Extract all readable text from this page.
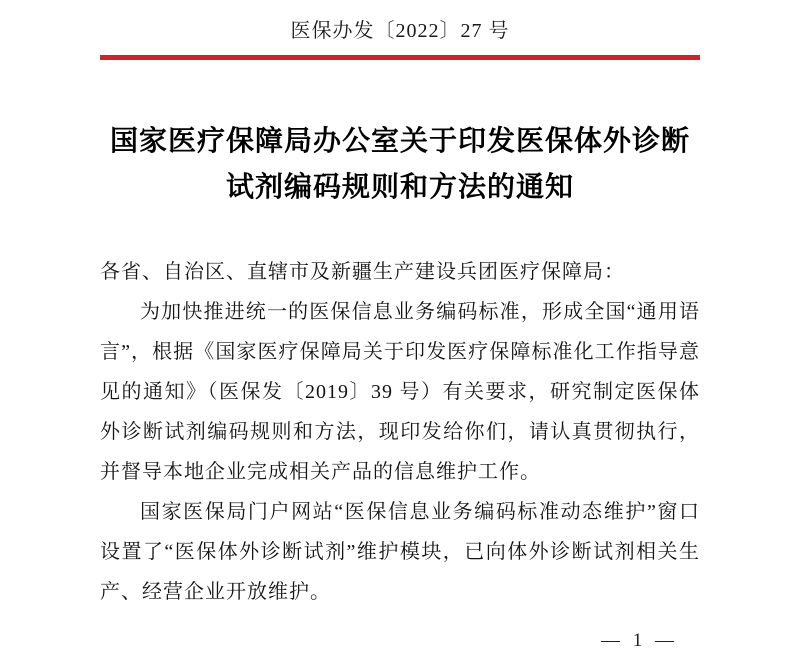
医保办发〔2022〕27 号
国家医疗保障局办公室关于印发医保体外诊断
试剂编码规则和方法的通知

各省、自治区、直辖市及新疆生产建设兵团医疗保障局：

为加快推进统一的医保信息业务编码标准，形成全国“通用语言”，根据《国家医疗保障局关于印发医疗保障标准化工作指导意见的通知》（医保发〔2019〕39 号）有关要求，研究制定医保体外诊断试剂编码规则和方法，现印发给你们，请认真贯彻执行，并督导本地企业完成相关产品的信息维护工作。

国家医保局门户网站“医保信息业务编码标准动态维护”窗口设置了“医保体外诊断试剂”维护模块，已向体外诊断试剂相关生产、经营企业开放维护。

— 1 —
